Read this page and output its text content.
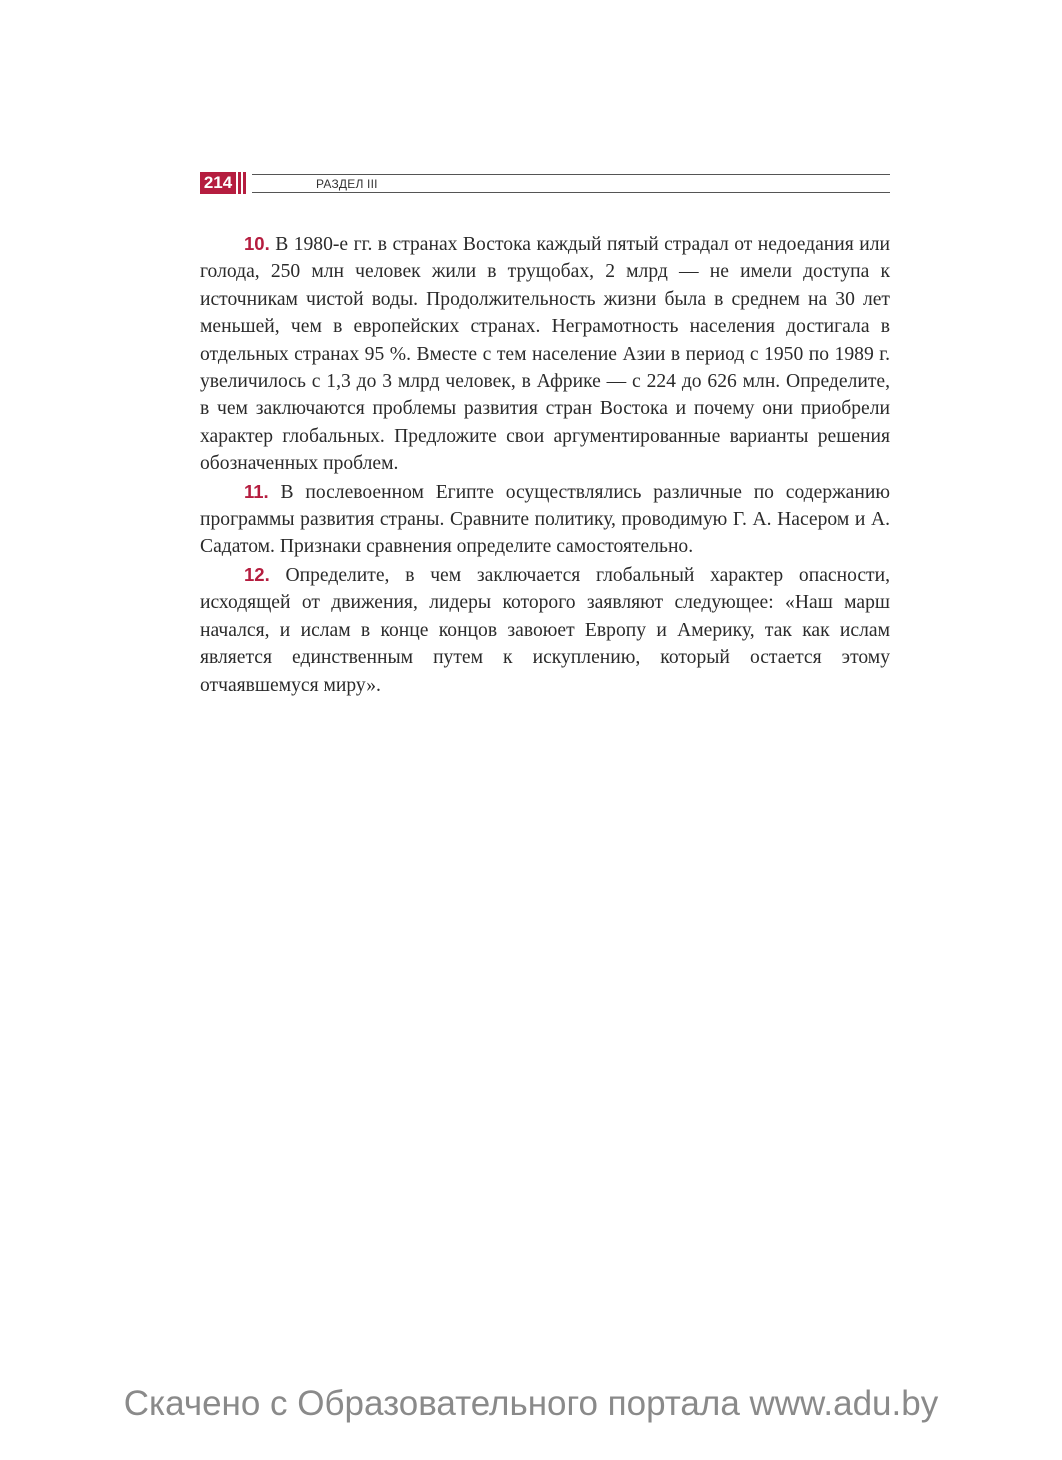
214	РАЗДЕЛ III

10. В 1980-е гг. в странах Востока каждый пятый страдал от недоедания или голода, 250 млн человек жили в трущобах, 2 млрд — не имели доступа к источникам чистой воды. Продолжительность жизни была в среднем на 30 лет меньшей, чем в европейских странах. Неграмотность населения достигала в отдельных странах 95 %. Вместе с тем население Азии в период с 1950 по 1989 г. увеличилось с 1,3 до 3 млрд человек, в Африке — с 224 до 626 млн. Определите, в чем заключаются проблемы развития стран Востока и почему они приобрели характер глобальных. Предложите свои аргументированные варианты решения обозначенных проблем.

11. В послевоенном Египте осуществлялись различные по содержанию программы развития страны. Сравните политику, проводимую Г. А. Насером и А. Садатом. Признаки сравнения определите самостоятельно.

12. Определите, в чем заключается глобальный характер опасности, исходящей от движения, лидеры которого заявляют следующее: «Наш марш начался, и ислам в конце концов завоюет Европу и Америку, так как ислам является единственным путем к искуплению, который остается этому отчаявшемуся миру».

Скачено с Образовательного портала www.adu.by
